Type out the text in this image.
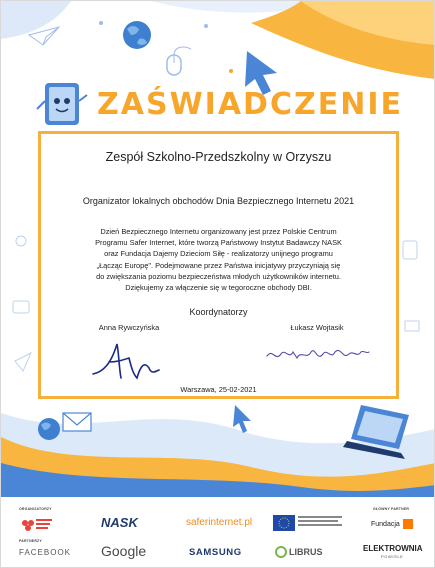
ZAŚWIADCZENIE
Zespół Szkolno-Przedszkolny w Orzyszu
Organizator lokalnych obchodów Dnia Bezpiecznego Internetu 2021
Dzień Bezpiecznego Internetu organizowany jest przez Polskie Centrum
Programu Safer Internet, które tworzą Państwowy Instytut Badawczy NASK
oraz Fundacja Dajemy Dzieciom Siłę - realizatorzy unijnego programu
„Łącząc Europę". Podejmowane przez Państwa inicjatywy przyczyniają się
do zwiększania poziomu bezpieczeństwa młodych użytkowników internetu.
Dziękujemy za włączenie się w tegoroczne obchody DBI.
Koordynatorzy
Anna Rywczyńska	Łukasz Wojtasik
Warszawa, 25-02-2021
ORGANIZATORZY
PARTNERZY
GŁÓWNY PARTNER
NASK	saferinternet.pl	Fundacja
FACEBOOK Google	SAMSUNG	LIBRUS	ELEKTROWNIA
POWIŚLE
